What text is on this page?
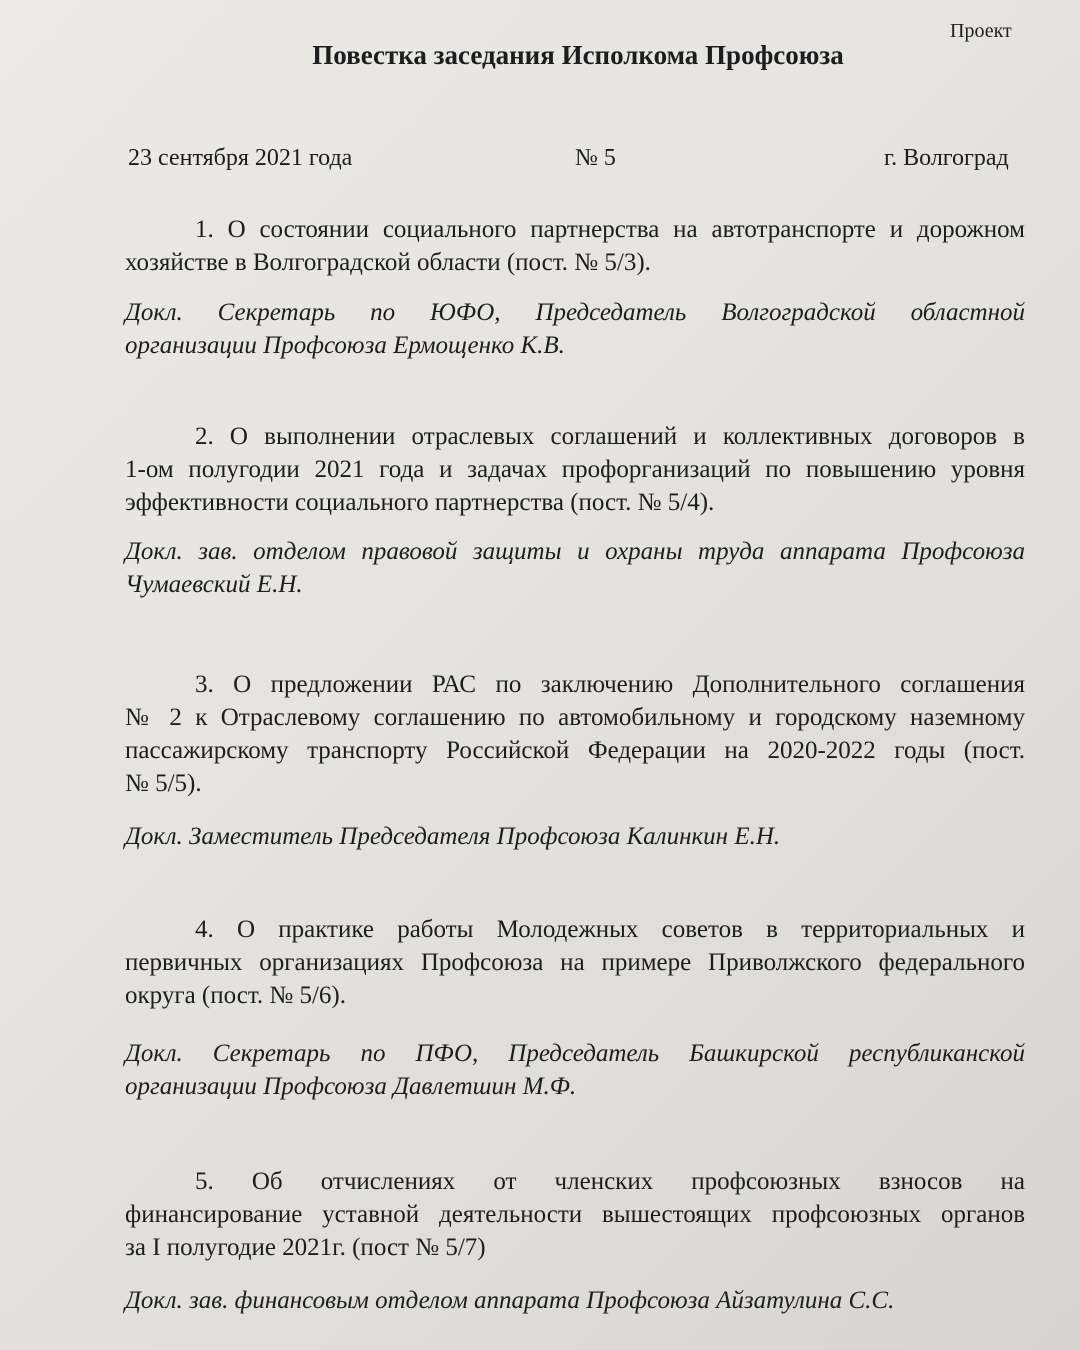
Проект
Повестка заседания Исполкома Профсоюза
23 сентября 2021 года	№ 5	г. Волгоград
1. О состоянии социального партнерства на автотранспорте и дорожном
хозяйстве в Волгоградской области (пост. № 5/3).
Докл. Секретарь по ЮФО, Председатель Волгоградской областной
организации Профсоюза Ермощенко К.В.
2. О выполнении отраслевых соглашений и коллективных договоров в
1-ом полугодии 2021 года и задачах профорганизаций по повышению уровня
эффективности социального партнерства (пост. № 5/4).
Докл. зав. отделом правовой защиты и охраны труда аппарата Профсоюза
Чумаевский Е.Н.
3. О предложении РАС по заключению Дополнительного соглашения
№ 2 к Отраслевому соглашению по автомобильному и городскому наземному
пассажирскому транспорту Российской Федерации на 2020-2022 годы (пост.
№ 5/5).
Докл. Заместитель Председателя Профсоюза Калинкин Е.Н.
4. О практике работы Молодежных советов в территориальных и
первичных организациях Профсоюза на примере Приволжского федерального
округа (пост. № 5/6).
Докл. Секретарь по ПФО, Председатель Башкирской республиканской
организации Профсоюза Давлетшин М.Ф.
5. Об отчислениях от членских профсоюзных взносов на
финансирование уставной деятельности вышестоящих профсоюзных органов
за I полугодие 2021г. (пост № 5/7)
Докл. зав. финансовым отделом аппарата Профсоюза Айзатулина С.С.
